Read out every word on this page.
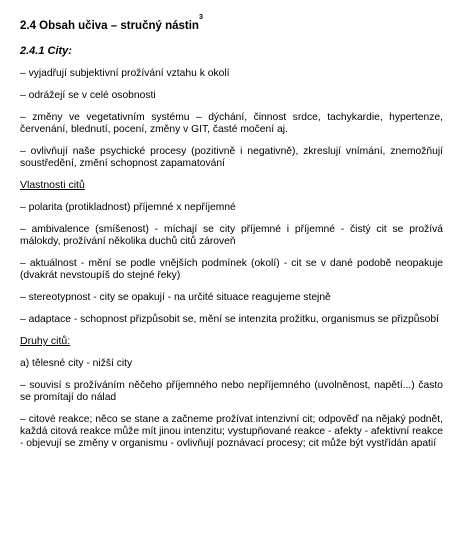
2.4 Obsah učiva – stručný nástin$^3$
2.4.1 City:
– vyjadřují subjektivní prožívání vztahu k okolí
– odrážejí se v celé osobnosti
– změny ve vegetativním systému – dýchání, činnost srdce, tachykardie, hypertenze, červenání, blednutí, pocení, změny v GIT, časté močení aj.
– ovlivňují naše psychické procesy (pozitivně i negativně), zkreslují vnímání, znemožňují soustředění, změní schopnost zapamatování
Vlastnosti citů
– polarita (protikladnost) příjemné x nepříjemné
– ambivalence (smíšenost) - míchají se city příjemné i příjemné - čistý cit se prožívá málokdy, prožívání několika duchů citů zároveň
– aktuálnost - mění se podle vnějších podmínek (okolí) - cit se v dané podobě neopakuje (dvakrát nevstoupíš do stejné řeky)
– stereotypnost - city se opakují - na určité situace reagujeme stejně
– adaptace - schopnost přizpůsobit se, mění se intenzita prožitku, organismus se přizpůsobí
Druhy citů:
a) tělesné city - nižší city
– souvisí s prožíváním něčeho příjemného nebo nepříjemného (uvolněnost, napětí...) často se promítají do nálad
– citové reakce; něco se stane a začneme prožívat intenzivní cit; odpověď na nějaký podnět, každá citová reakce může mít jinou intenzitu; vystupňované reakce - afekty - afektivní reakce - objevují se změny v organismu - ovlivňují poznávací procesy; cit může být vystřídán apatií
